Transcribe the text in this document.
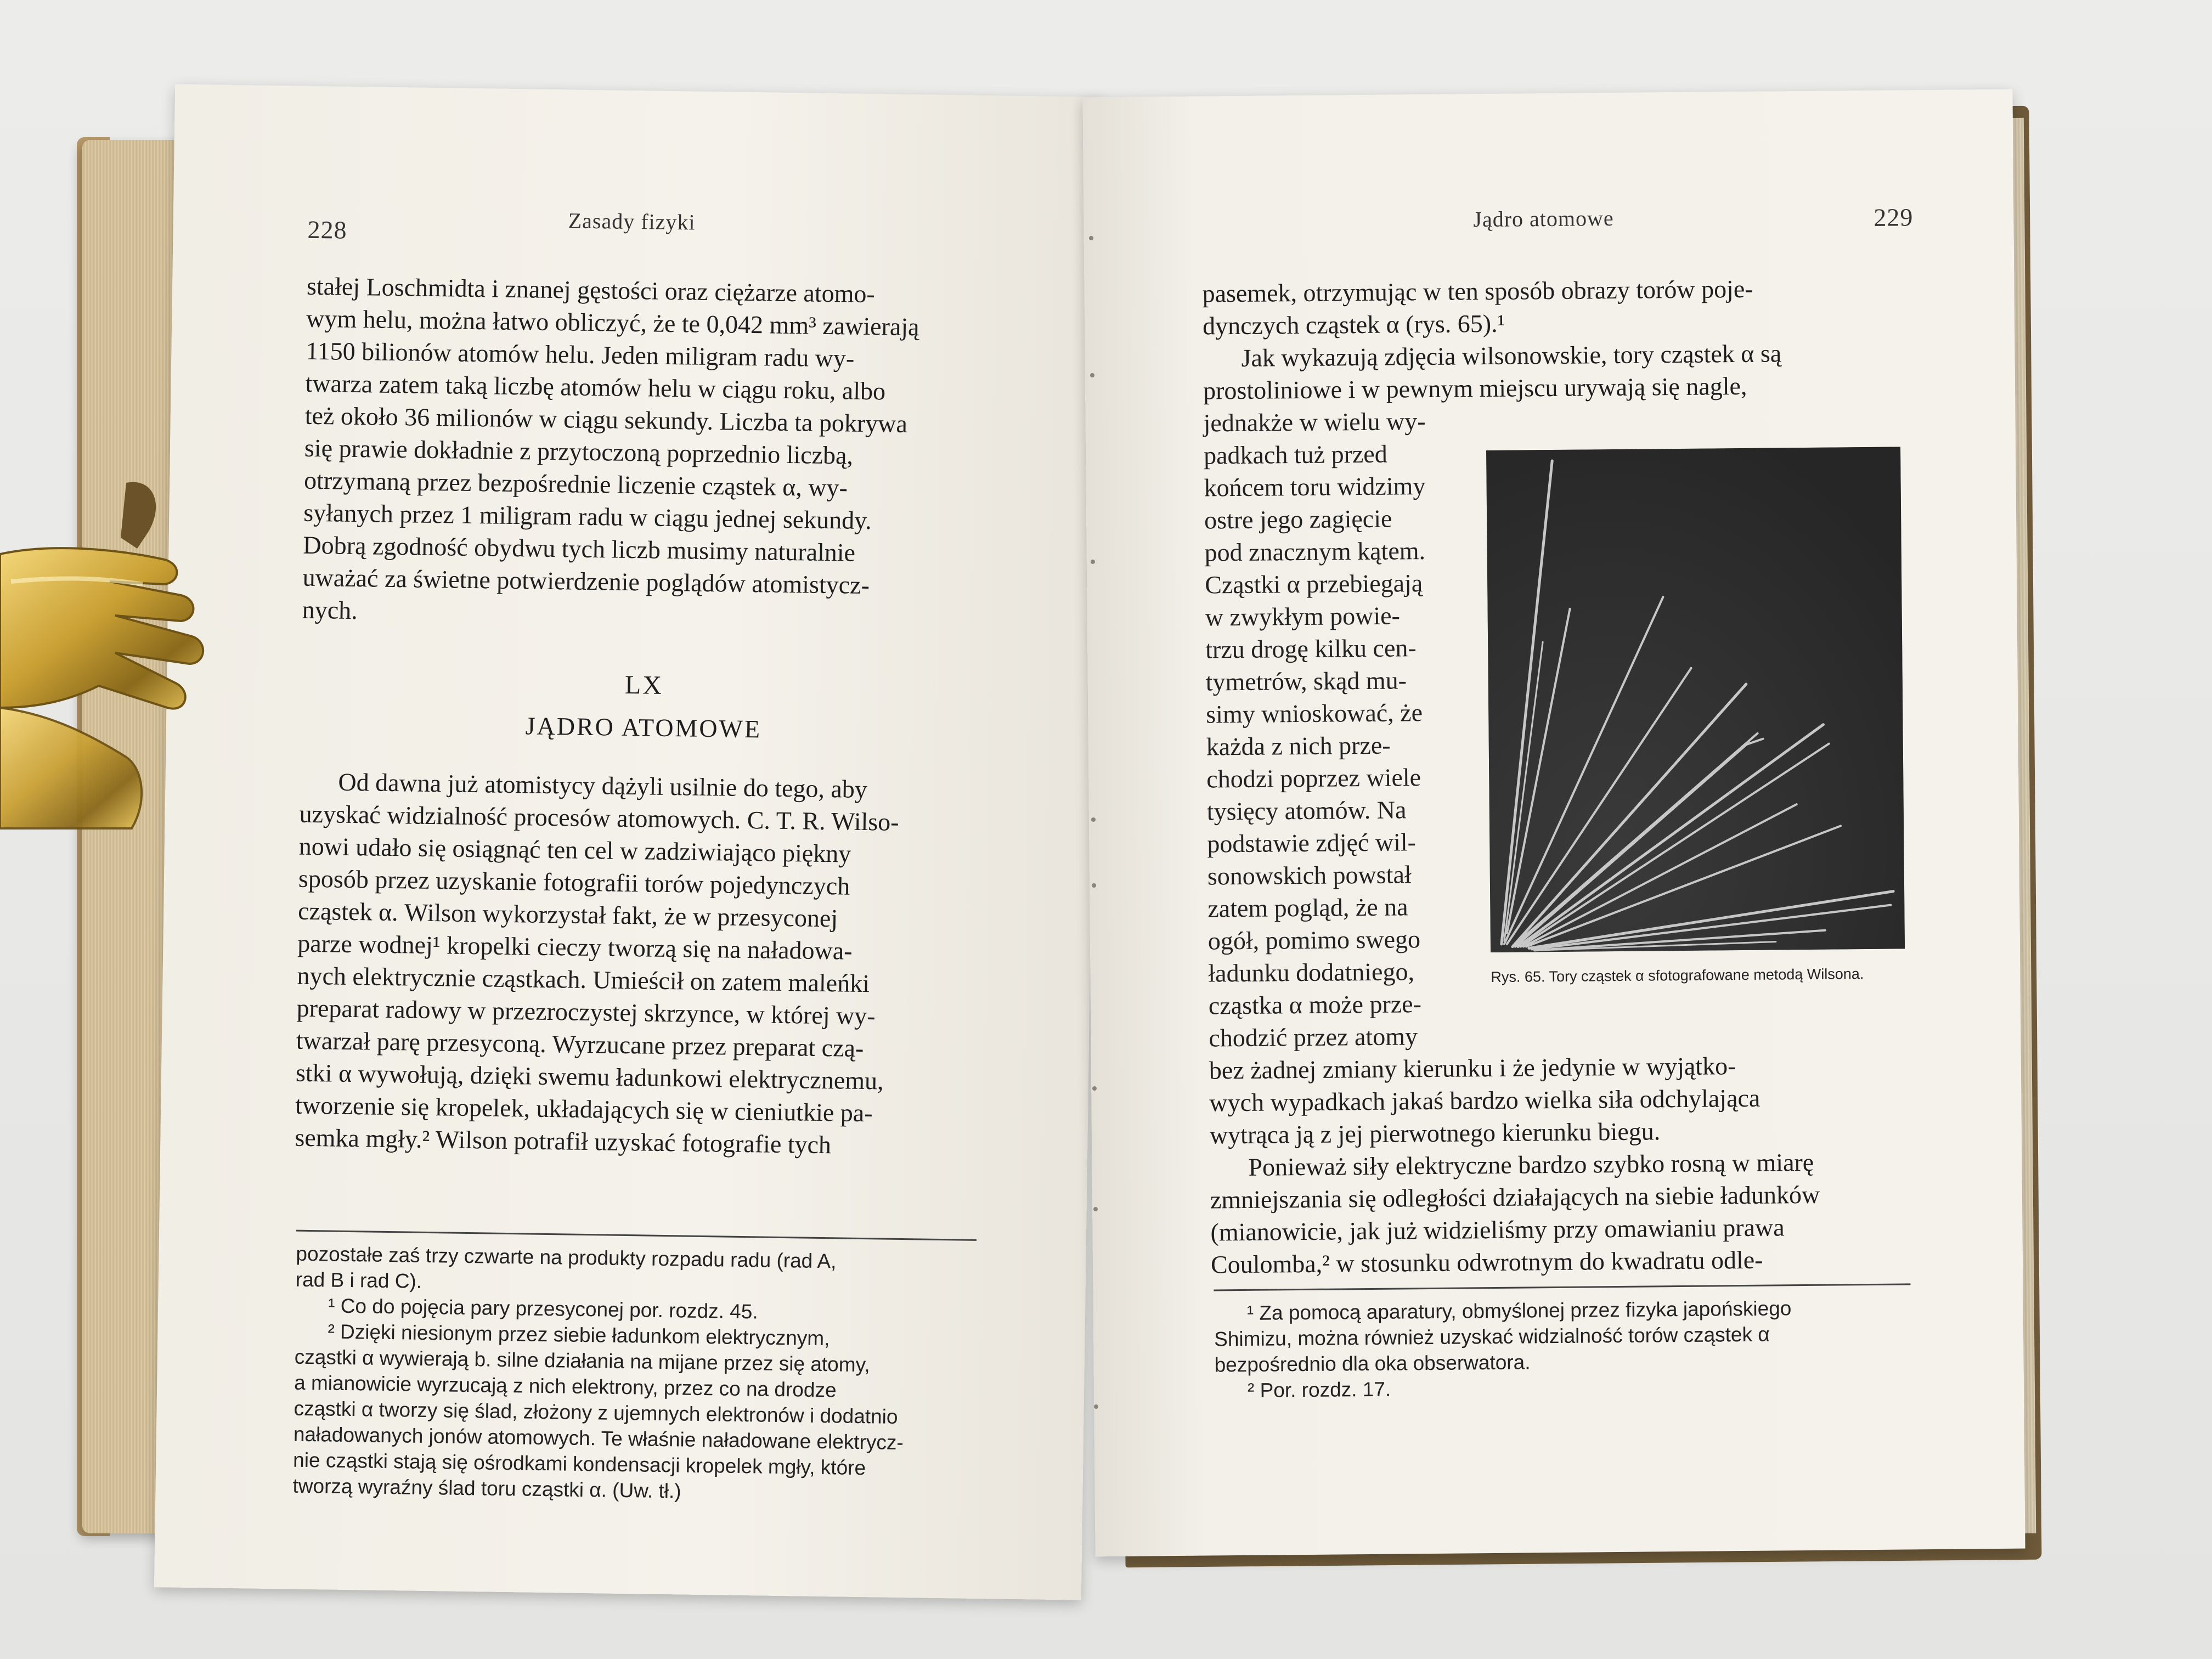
228	Zasady fizyki

stałej Loschmidta i znanej gęstości oraz ciężarze atomo-

wym helu, można łatwo obliczyć, że te 0,042 mm³ zawierają

1150 bilionów atomów helu. Jeden miligram radu wy-

twarza zatem taką liczbę atomów helu w ciągu roku, albo

też około 36 milionów w ciągu sekundy. Liczba ta pokrywa

się prawie dokładnie z przytoczoną poprzednio liczbą,

otrzymaną przez bezpośrednie liczenie cząstek α, wy-

syłanych przez 1 miligram radu w ciągu jednej sekundy.

Dobrą zgodność obydwu tych liczb musimy naturalnie

uważać za świetne potwierdzenie poglądów atomistycz-

nych.

LX
JĄDRO ATOMOWE

Od dawna już atomistycy dążyli usilnie do tego, aby

uzyskać widzialność procesów atomowych. C. T. R. Wilso-

nowi udało się osiągnąć ten cel w zadziwiająco piękny

sposób przez uzyskanie fotografii torów pojedynczych

cząstek α. Wilson wykorzystał fakt, że w przesyconej

parze wodnej¹ kropelki cieczy tworzą się na naładowa-

nych elektrycznie cząstkach. Umieścił on zatem maleńki

preparat radowy w przezroczystej skrzynce, w której wy-

twarzał parę przesyconą. Wyrzucane przez preparat czą-

stki α wywołują, dzięki swemu ładunkowi elektrycznemu,

tworzenie się kropelek, układających się w cieniutkie pa-

semka mgły.² Wilson potrafił uzyskać fotografie tych

pozostałe zaś trzy czwarte na produkty rozpadu radu (rad A,

rad B i rad C).

¹ Co do pojęcia pary przesyconej por. rozdz. 45.

² Dzięki niesionym przez siebie ładunkom elektrycznym,

cząstki α wywierają b. silne działania na mijane przez się atomy,

a mianowicie wyrzucają z nich elektrony, przez co na drodze

cząstki α tworzy się ślad, złożony z ujemnych elektronów i dodatnio

naładowanych jonów atomowych. Te właśnie naładowane elektrycz-

nie cząstki stają się ośrodkami kondensacji kropelek mgły, które

tworzą wyraźny ślad toru cząstki α. (Uw. tł.)

Jądro atomowe	229

pasemek, otrzymując w ten sposób obrazy torów poje-

dynczych cząstek α (rys. 65).¹

Jak wykazują zdjęcia wilsonowskie, tory cząstek α są

prostoliniowe i w pewnym miejscu urywają się nagle,

jednakże w wielu wy-

padkach tuż przed

końcem toru widzimy

ostre jego zagięcie

pod znacznym kątem.

Cząstki α przebiegają

w zwykłym powie-

trzu drogę kilku cen-

tymetrów, skąd mu-

simy wnioskować, że

każda z nich prze-

chodzi poprzez wiele

tysięcy atomów. Na

podstawie zdjęć wil-

sonowskich powstał

zatem pogląd, że na

ogół, pomimo swego

ładunku dodatniego,

cząstka α może prze-

chodzić przez atomy

Rys. 65. Tory cząstek α sfotografowane metodą Wilsona.

bez żadnej zmiany kierunku i że jedynie w wyjątko-

wych wypadkach jakaś bardzo wielka siła odchylająca

wytrąca ją z jej pierwotnego kierunku biegu.

Ponieważ siły elektryczne bardzo szybko rosną w miarę

zmniejszania się odległości działających na siebie ładunków

(mianowicie, jak już widzieliśmy przy omawianiu prawa

Coulomba,² w stosunku odwrotnym do kwadratu odle-

¹ Za pomocą aparatury, obmyślonej przez fizyka japońskiego

Shimizu, można również uzyskać widzialność torów cząstek α

bezpośrednio dla oka obserwatora.

² Por. rozdz. 17.
